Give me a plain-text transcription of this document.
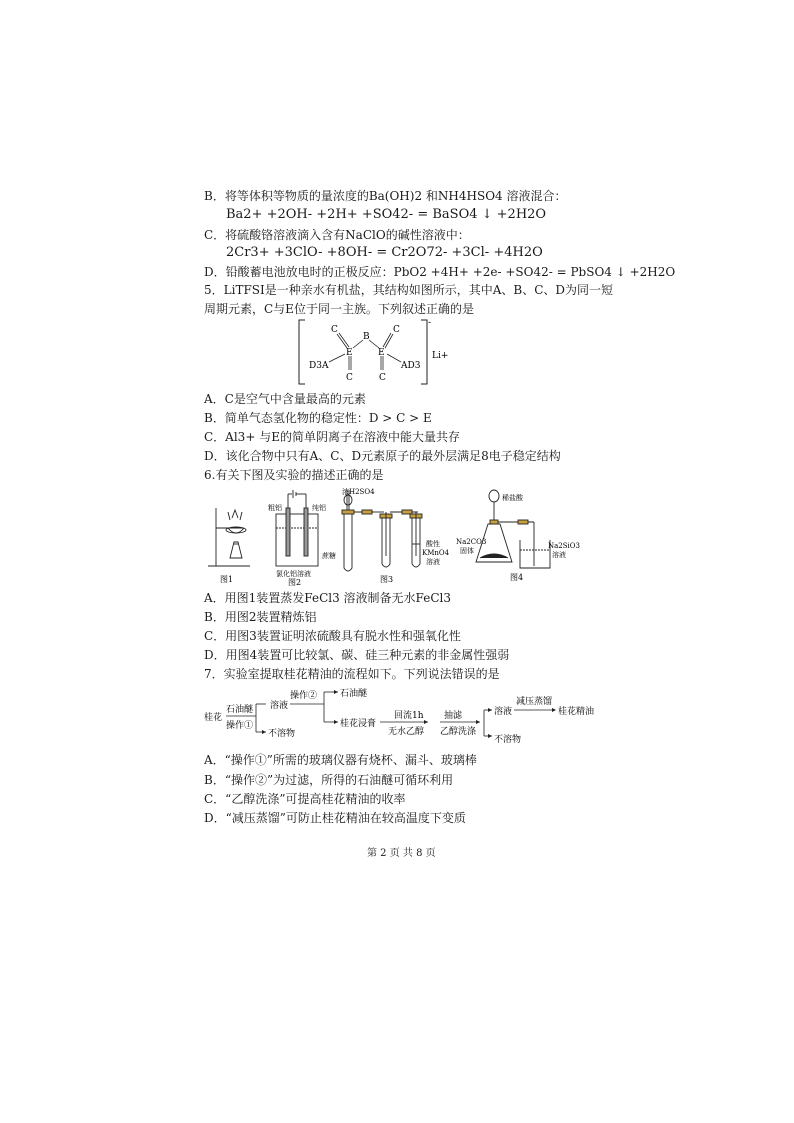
B．将等体积等物质的量浓度的Ba(OH)2 和NH4HSO4 溶液混合：
Ba2+ +2OH- +2H+ +SO42- = BaSO4 ↓ +2H2O
C．将硫酸铬溶液滴入含有NaClO的碱性溶液中：
2Cr3+ +3ClO- +8OH- = Cr2O72- +3Cl- +4H2O
D．铅酸蓄电池放电时的正极反应：PbO2 +4H+ +2e- +SO42- = PbSO4 ↓ +2H2O
5．LiTFSI是一种亲水有机盐，其结构如图所示，其中A、B、C、D为同一短
周期元素，C与E位于同一主族。下列叙述正确的是
C
B
C
E	E
D3A	AD3
C	C
Li+
-
A．C是空气中含量最高的元素
B．简单气态氢化物的稳定性：D > C > E
C．Al3+ 与E的简单阴离子在溶液中能大量共存
D．该化合物中只有A、C、D元素原子的最外层满足8电子稳定结构
6.有关下图及实验的描述正确的是
图1
粗铝	纯铝
氯化铝溶液
图2
浓H2SO4
蔗糖
酸性
KMnO4
溶液
图3
稀盐酸
Na2CO3
固体
Na2SiO3
溶液
图4
A．用图1装置蒸发FeCl3 溶液制备无水FeCl3
B．用图2装置精炼铝
C．用图3装置证明浓硫酸具有脱水性和强氧化性
D．用图4装置可比较氯、碳、硅三种元素的非金属性强弱
7．实验室提取桂花精油的流程如下。下列说法错误的是
桂花
石油醚
操作①
溶液
操作②	石油醚
不溶物
桂花浸膏
回流1h
无水乙醇
抽滤
乙醇洗涤
溶液
减压蒸馏
桂花精油
不溶物
A．“操作①”所需的玻璃仪器有烧杯、漏斗、玻璃棒
B．“操作②”为过滤，所得的石油醚可循环利用
C．“乙醇洗涤”可提高桂花精油的收率
D．“减压蒸馏”可防止桂花精油在较高温度下变质
第 2 页 共 8 页
